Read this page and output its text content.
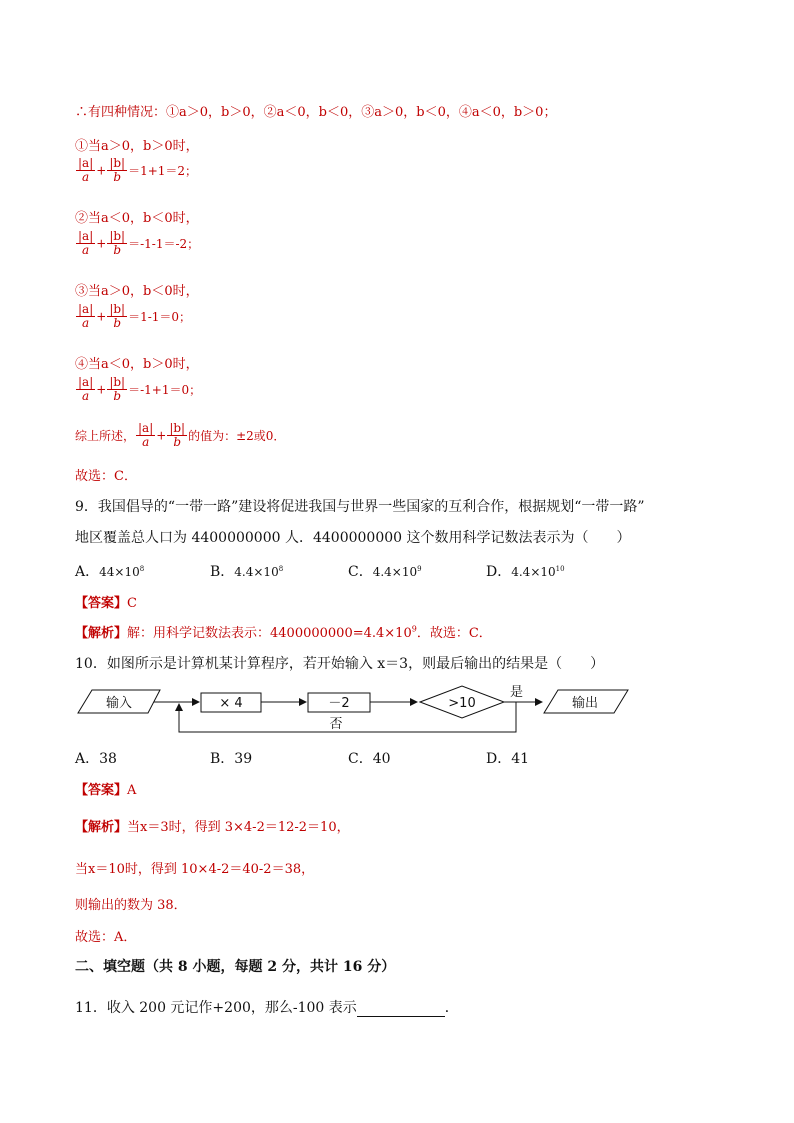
∴有四种情况：①a＞0，b＞0，②a＜0，b＜0，③a＞0，b＜0，④a＜0，b＞0；
①当a＞0，b＞0时，
$\frac{|a|}{a} + \frac{|b|}{b} =1+1=2$；
②当a＜0，b＜0时，
$\frac{|a|}{a} + \frac{|b|}{b} =-1-1=-2$；
③当a＞0，b＜0时，
$\frac{|a|}{a} + \frac{|b|}{b} =1-1=0$；
④当a＜0，b＞0时，
$\frac{|a|}{a} + \frac{|b|}{b} =-1+1=0$；
综上所述， $\frac{|a|}{a} + \frac{|b|}{b}$ 的值为：±2或0．
故选：C．
9．我国倡导的“一带一路”建设将促进我国与世界一些国家的互利合作，根据规划“一带一路”
地区覆盖总人口为 4400000000 人．4400000000 这个数用科学记数法表示为（　　）
A．$44\times 10^8$	B．$4.4\times 10^8$	C．$4.4\times 10^9$	D．$4.4\times 10^{10}$
【答案】C
【解析】解：用科学记数法表示：$4400000000=4.4\times 10^9$．故选：C．
10．如图所示是计算机某计算程序，若开始输入 x＝3，则最后输出的结果是（　　）
输入	× 4	－2	>10
是
输出
否
A．38	B．39	C．40	D．41
【答案】A
【解析】当x＝3时，得到 3×4-2＝12-2＝10，
当x＝10时，得到 10×4-2＝40-2＝38，
则输出的数为 38．
故选：A．
二、填空题（共 8 小题，每题 2 分，共计 16 分）
11．收入 200 元记作+200，那么-100 表示	．
